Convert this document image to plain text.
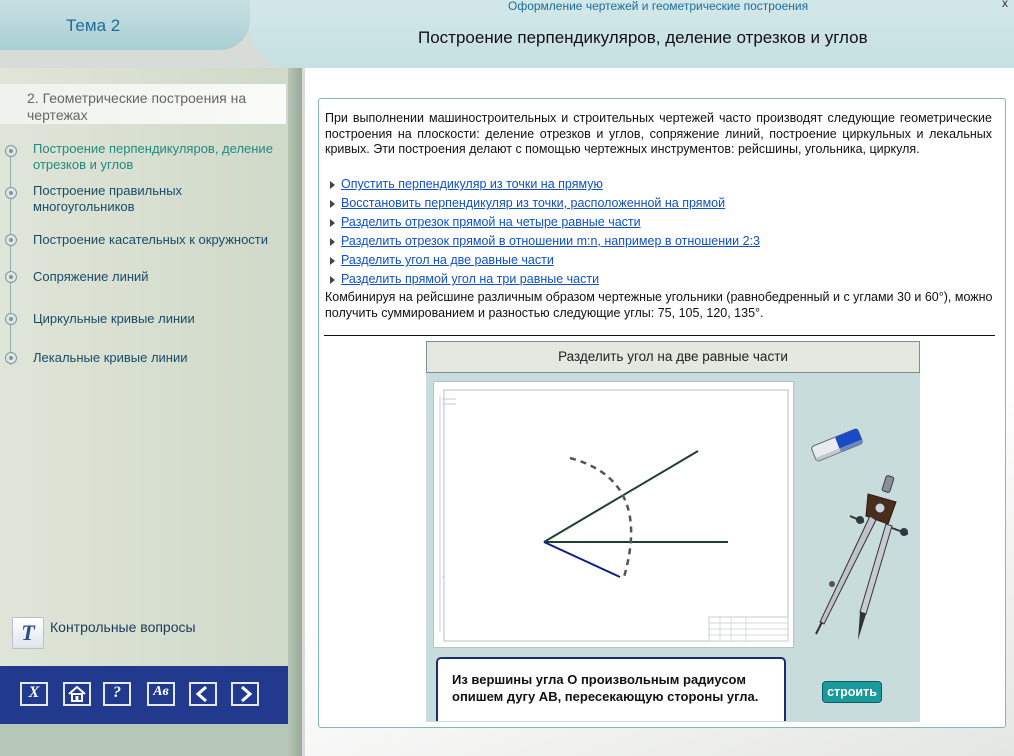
Тема 2
Оформление чертежей и геометрические построения
Построение перпендикуляров, деление отрезков и углов
x
2. Геометрические построения на чертежах
Построение перпендикуляров, деление отрезков и углов
Построение правильных многоугольников
Построение касательных к окружности
Сопряжение линий
Циркульные кривые линии
Лекальные кривые линии
T	Контрольные вопросы
X	?	Aв
При выполнении машиностроительных и строительных чертежей часто производят следующие геометрические построения на плоскости: деление отрезков и углов, сопряжение линий, построение циркульных и лекальных кривых. Эти построения делают с помощью чертежных инструментов: рейсшины, угольника, циркуля.
Опустить перпендикуляр из точки на прямую
Восстановить перпендикуляр из точки, расположенной на прямой
Разделить отрезок прямой на четыре равные части
Разделить отрезок прямой в отношении m:n, например в отношении 2:3
Разделить угол на две равные части
Разделить прямой угол на три равные части
Комбинируя на рейсшине различным образом чертежные угольники (равнобедренный и с углами 30 и 60°), можно получить суммированием и разностью следующие углы: 75, 105, 120, 135°.
Разделить угол на две равные части
Из вершины угла О произвольным радиусом опишем дугу AB, пересекающую стороны угла.	строить
